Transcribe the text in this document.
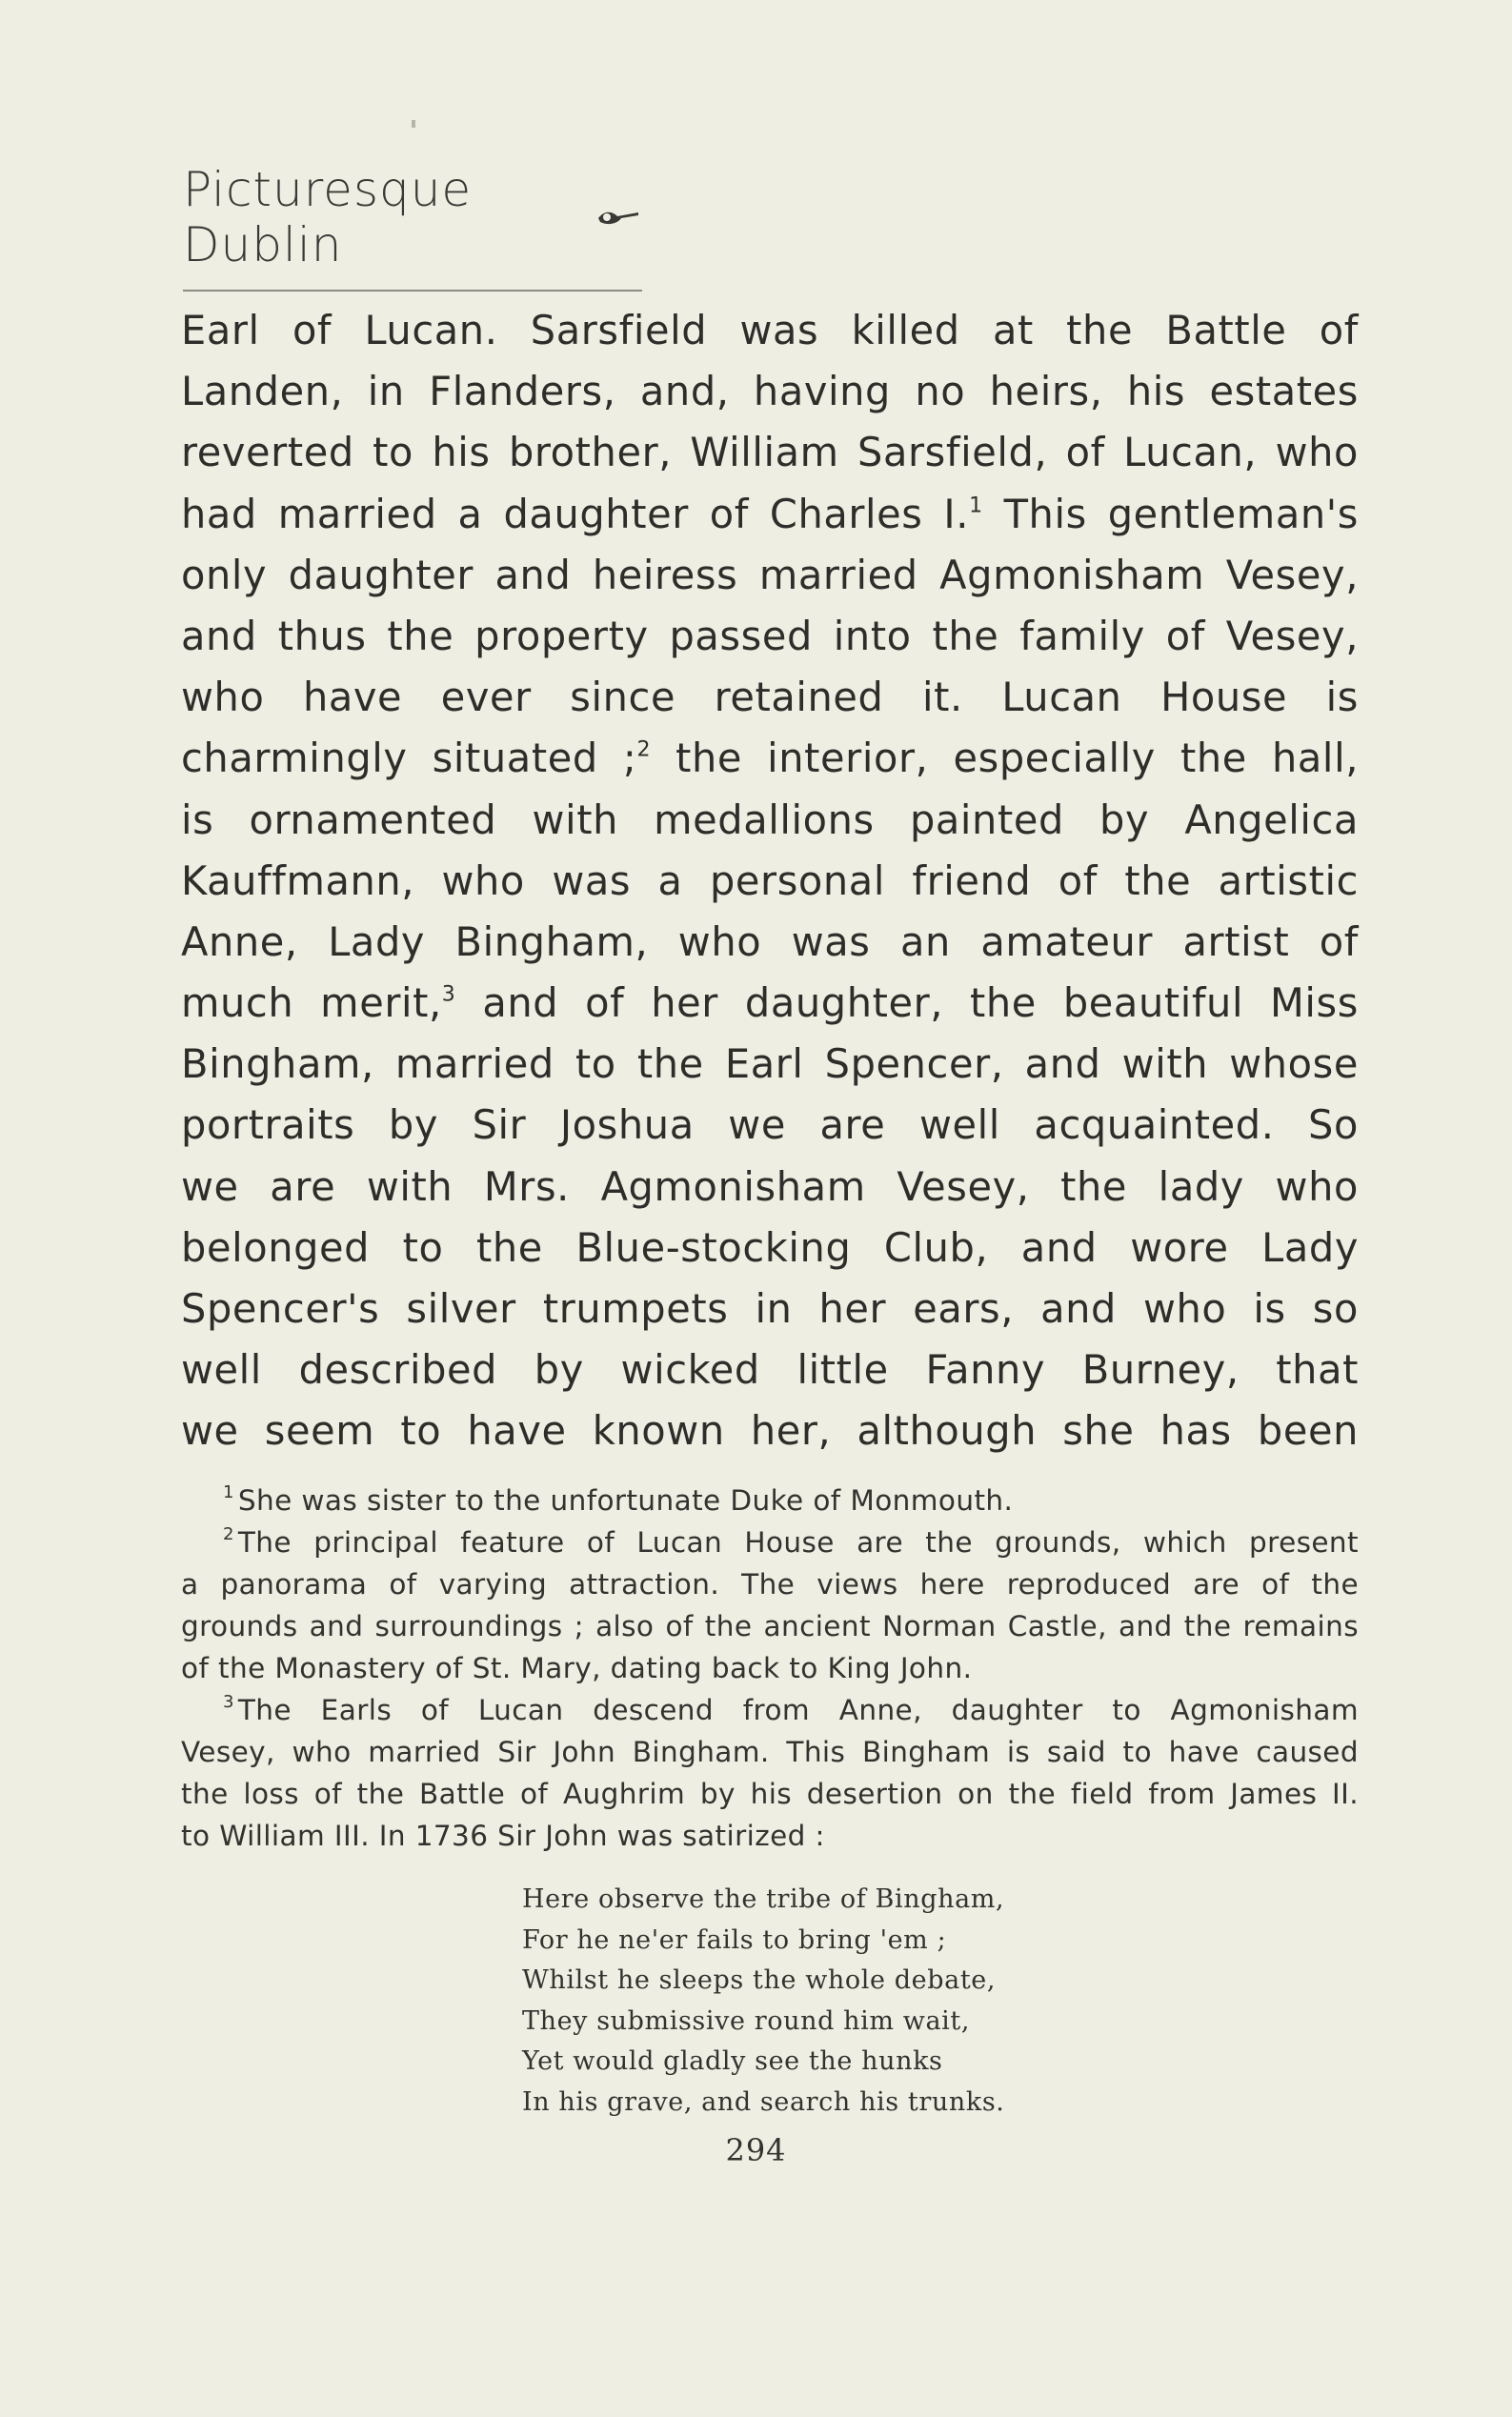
Picturesque Dublin
Earl of Lucan. Sarsfield was killed at the Battle of
Landen, in Flanders, and, having no heirs, his estates
reverted to his brother, William Sarsfield, of Lucan, who
had married a daughter of Charles I.$^1$ This gentleman's
only daughter and heiress married Agmonisham Vesey,
and thus the property passed into the family of Vesey,
who have ever since retained it. Lucan House is
charmingly situated ;$^2$ the interior, especially the hall,
is ornamented with medallions painted by Angelica
Kauffmann, who was a personal friend of the artistic
Anne, Lady Bingham, who was an amateur artist of
much merit,$^3$ and of her daughter, the beautiful Miss
Bingham, married to the Earl Spencer, and with whose
portraits by Sir Joshua we are well acquainted. So
we are with Mrs. Agmonisham Vesey, the lady who
belonged to the Blue-stocking Club, and wore Lady
Spencer's silver trumpets in her ears, and who is so
well described by wicked little Fanny Burney, that
we seem to have known her, although she has been
$^1$ She was sister to the unfortunate Duke of Monmouth.
$^2$ The principal feature of Lucan House are the grounds, which present
a panorama of varying attraction. The views here reproduced are of the
grounds and surroundings ; also of the ancient Norman Castle, and the remains
of the Monastery of St. Mary, dating back to King John.
$^3$ The Earls of Lucan descend from Anne, daughter to Agmonisham
Vesey, who married Sir John Bingham. This Bingham is said to have caused
the loss of the Battle of Aughrim by his desertion on the field from James II.
to William III. In 1736 Sir John was satirized :
Here observe the tribe of Bingham,
For he ne'er fails to bring 'em ;
Whilst he sleeps the whole debate,
They submissive round him wait,
Yet would gladly see the hunks
In his grave, and search his trunks.
294
